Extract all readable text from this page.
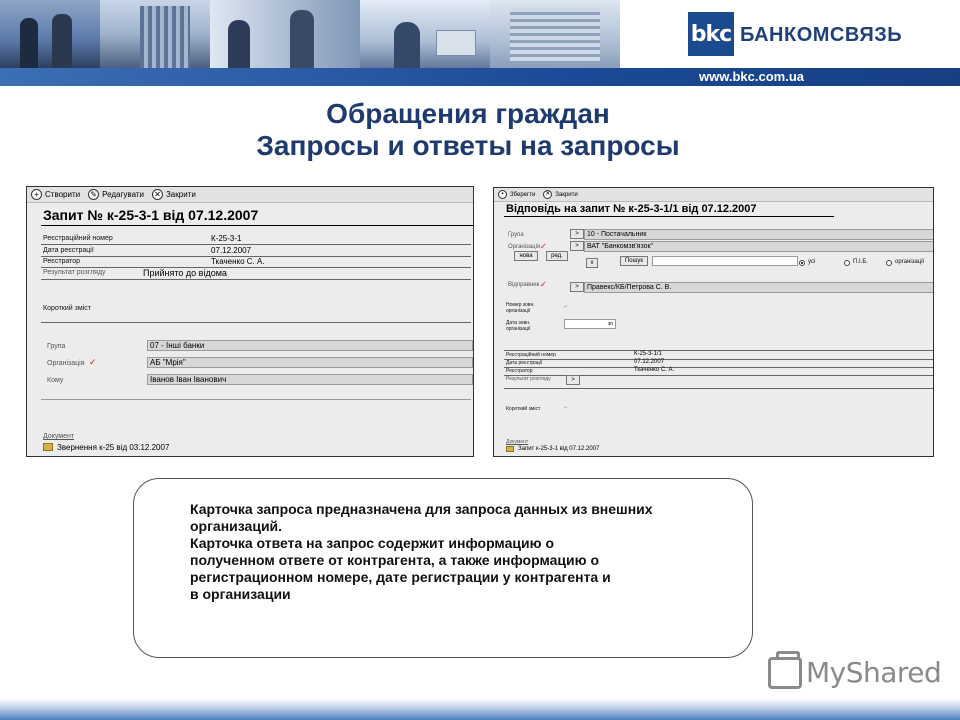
bkc БАНКОМСВЯЗЬ
www.bkc.com.ua
Обращения граждан
Запросы и ответы на запросы
+ Створити ✎ Редагувати ✕ Закрити
Запит № к-25-3-1 від 07.12.2007
Реєстраційний номер	К-25-3-1
Дата реєстрації	07.12.2007
Реєстратор	Ткаченко С. А.
Результат розгляду	Прийнято до відома
Короткий зміст
Група	07 - Інші банки
Організація ✓	АБ "Мрія"
Кому	Іванов Іван Іванович
Документ
Звернення к-25 від 03.12.2007
▪	Зберегти	✕ Закрити
Відповідь на запит № к-25-3-1/1 від 07.12.2007
Група	>	10 - Постачальник
Організація ✓	>	ВАТ "Банкомзв'язок"
нова	ред.
x	Пошук	усі	П.І.Б.	організації
Відправник ✓	>	Правекс/КБ/Петрова С. В.
Номер зовн.
організації
⌐
Дата зовн.
організації
зп
Реєстраційний номер	К-25-3-1/1
Дата реєстрації	07.12.2007
Реєстратор	Ткаченко С. А.
Результат розгляду	>
Короткий зміст	⌐
Документ
Запит к-25-3-1 від 07.12.2007

Карточка запроса предназначена для запроса данных из внешних

организаций.

Карточка ответа на запрос содержит информацию о

полученном ответе от контрагента, а также информацию о

регистрационном номере, дате регистрации у контрагента и

в организации

MyShared
